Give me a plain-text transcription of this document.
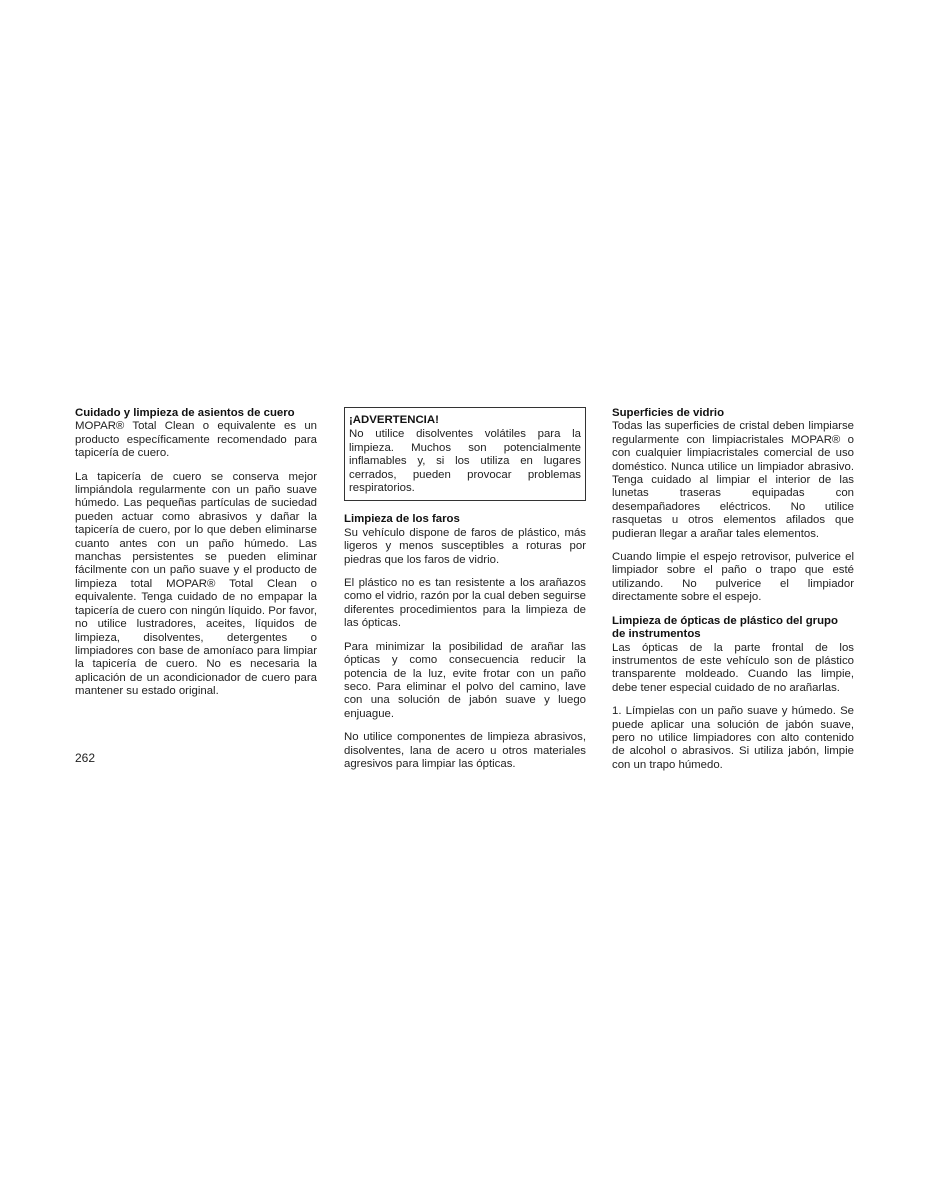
Cuidado y limpieza de asientos de cuero

MOPAR® Total Clean o equivalente es un producto específicamente recomendado para tapicería de cuero.

La tapicería de cuero se conserva mejor limpiándola regularmente con un paño suave húmedo. Las pequeñas partículas de suciedad pueden actuar como abrasivos y dañar la tapicería de cuero, por lo que deben eliminarse cuanto antes con un paño húmedo. Las manchas persistentes se pueden eliminar fácilmente con un paño suave y el producto de limpieza total MOPAR® Total Clean o equivalente. Tenga cuidado de no empapar la tapicería de cuero con ningún líquido. Por favor, no utilice lustradores, aceites, líquidos de limpieza, disolventes, detergentes o limpiadores con base de amoníaco para limpiar la tapicería de cuero. No es necesaria la aplicación de un acondicionador de cuero para mantener su estado original.

¡ADVERTENCIA!

No utilice disolventes volátiles para la limpieza. Muchos son potencialmente inflamables y, si los utiliza en lugares cerrados, pueden provocar problemas respiratorios.

Limpieza de los faros

Su vehículo dispone de faros de plástico, más ligeros y menos susceptibles a roturas por piedras que los faros de vidrio.

El plástico no es tan resistente a los arañazos como el vidrio, razón por la cual deben seguirse diferentes procedimientos para la limpieza de las ópticas.

Para minimizar la posibilidad de arañar las ópticas y como consecuencia reducir la potencia de la luz, evite frotar con un paño seco. Para eliminar el polvo del camino, lave con una solución de jabón suave y luego enjuague.

No utilice componentes de limpieza abrasivos, disolventes, lana de acero u otros materiales agresivos para limpiar las ópticas.

Superficies de vidrio

Todas las superficies de cristal deben limpiarse regularmente con limpiacristales MOPAR® o con cualquier limpiacristales comercial de uso doméstico. Nunca utilice un limpiador abrasivo. Tenga cuidado al limpiar el interior de las lunetas traseras equipadas con desempañadores eléctricos. No utilice rasquetas u otros elementos afilados que pudieran llegar a arañar tales elementos.

Cuando limpie el espejo retrovisor, pulverice el limpiador sobre el paño o trapo que esté utilizando. No pulverice el limpiador directamente sobre el espejo.

Limpieza de ópticas de plástico del grupo de instrumentos

Las ópticas de la parte frontal de los instrumentos de este vehículo son de plástico transparente moldeado. Cuando las limpie, debe tener especial cuidado de no arañarlas.

1. Límpielas con un paño suave y húmedo. Se puede aplicar una solución de jabón suave, pero no utilice limpiadores con alto contenido de alcohol o abrasivos. Si utiliza jabón, limpie con un trapo húmedo.

262
